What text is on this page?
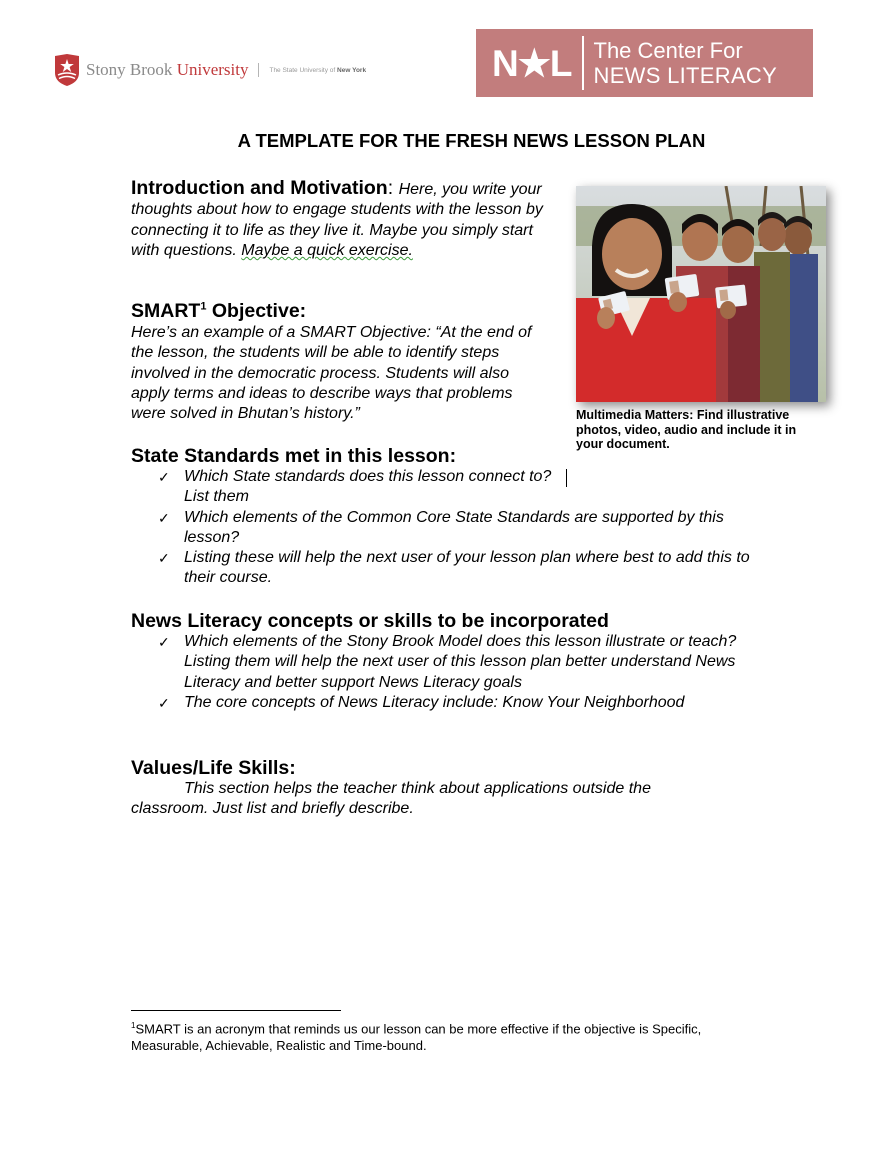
Stony Brook University	The State University of New York	N★L The Center For
NEWS LITERACY
A TEMPLATE FOR THE FRESH NEWS LESSON PLAN
Introduction and Motivation: Here, you write your thoughts about how to engage students with the lesson by connecting it to life as they live it. Maybe you simply start with questions. Maybe a quick exercise.
SMART$^1$ Objective:
Here’s an example of a SMART Objective: “At the end of the lesson, the students will be able to identify steps involved in the democratic process. Students will also apply terms and ideas to describe ways that problems were solved in Bhutan’s history.”	Multimedia Matters: Find illustrative photos, video, audio and include it in your document.
State Standards met in this lesson:
✓ Which State standards does this lesson connect to? List them
✓ Which elements of the Common Core State Standards are supported by this lesson?
✓ Listing these will help the next user of your lesson plan where best to add this to their course.
News Literacy concepts or skills to be incorporated
✓ Which elements of the Stony Brook Model does this lesson illustrate or teach? Listing them will help the next user of this lesson plan better understand News Literacy and better support News Literacy goals
✓ The core concepts of News Literacy include: Know Your Neighborhood
Values/Life Skills:
This section helps the teacher think about applications outside the classroom. Just list and briefly describe.
$^1$SMART is an acronym that reminds us our lesson can be more effective if the objective is Specific, Measurable, Achievable, Realistic and Time-bound.
